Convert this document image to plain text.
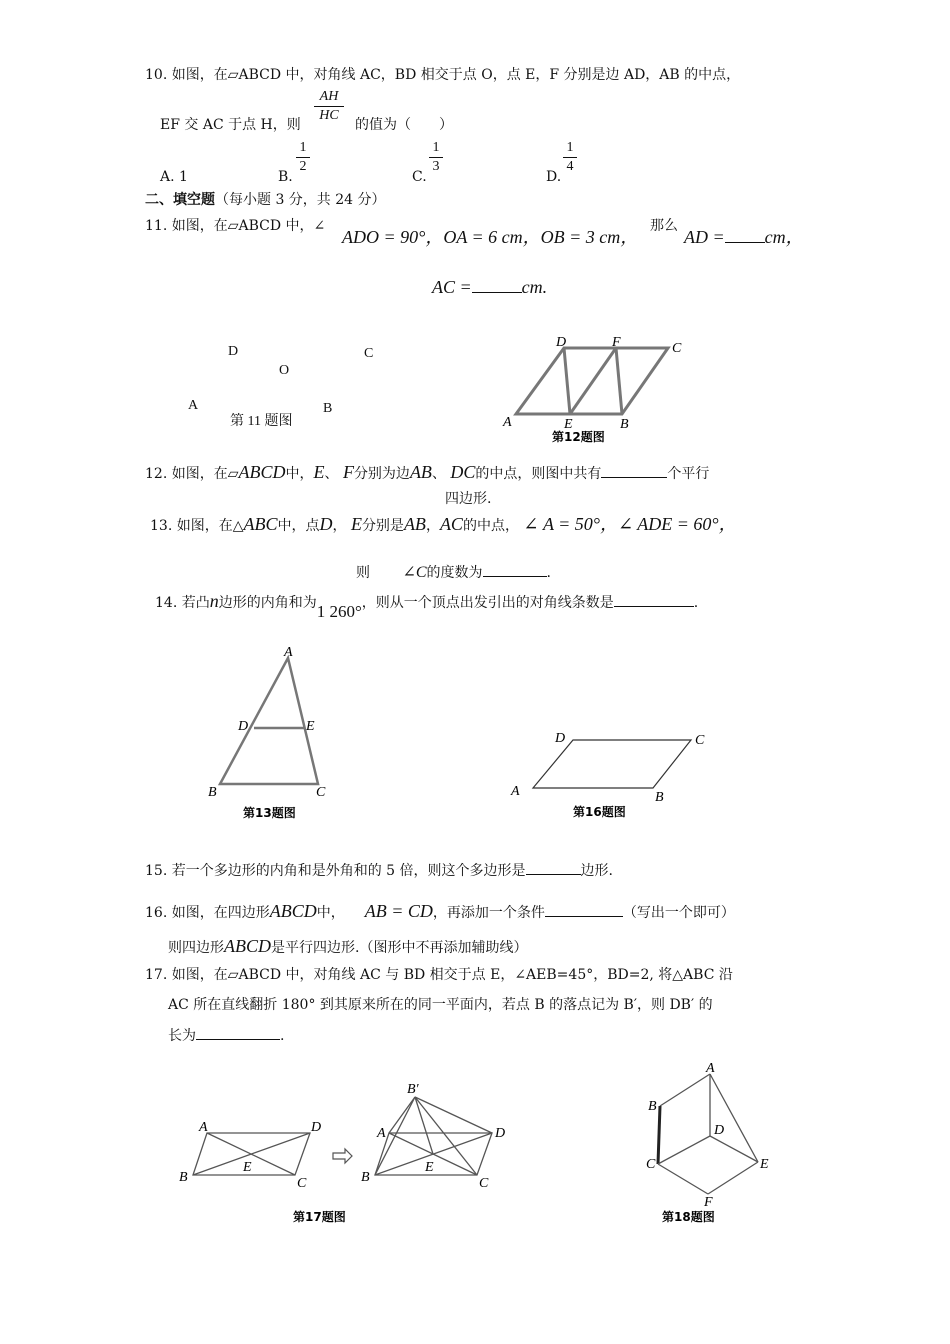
10. 如图，在▱ABCD 中，对角线 AC，BD 相交于点 O，点 E，F 分别是边 AD，AB 的中点，
AH
HC
EF 交 AC 于点 H，则	的值为（　　）
A. 1	B.
1
2
C.
1
3
D.
1
4
二、填空题（每小题 3 分，共 24 分）
11. 如图，在▱ABCD 中，∠
ADO = 90°，OA = 6 cm，OB = 3 cm，
那么
AD = cm，
AC =	cm.
D
O
C
A	B
第 11 题图
D	F	C
A	E	B
第12题图
12. 如图，在▱ABCD中，E、 F分别为边AB、 DC的中点，则图中共有	个平行
四边形.
13. 如图，在△ABC中，点D， E分别是AB，AC的中点， ∠ A = 50°，∠ ADE = 60°，
则 ∠C的度数为	.
14. 若凸n边形的内角和为1 260°，则从一个顶点出发引出的对角线条数是	.
A
D	E
B	C
第13题图
D	C
A	B
第16题图
15. 若一个多边形的内角和是外角和的 5 倍，则这个多边形是	边形.
16. 如图，在四边形ABCD中， AB = CD，再添加一个条件	（写出一个即可）
则四边形ABCD是平行四边形.（图形中不再添加辅助线）
17. 如图，在▱ABCD 中，对角线 AC 与 BD 相交于点 E，∠AEB=45°，BD=2, 将△ABC 沿
AC 所在直线翻折 180° 到其原来所在的同一平面内，若点 B 的落点记为 B′，则 DB′ 的
长为	.
A	D
B	C
E
B′
A	D
B	C
E
第17题图
A
B
D
C	E
F
第18题图
